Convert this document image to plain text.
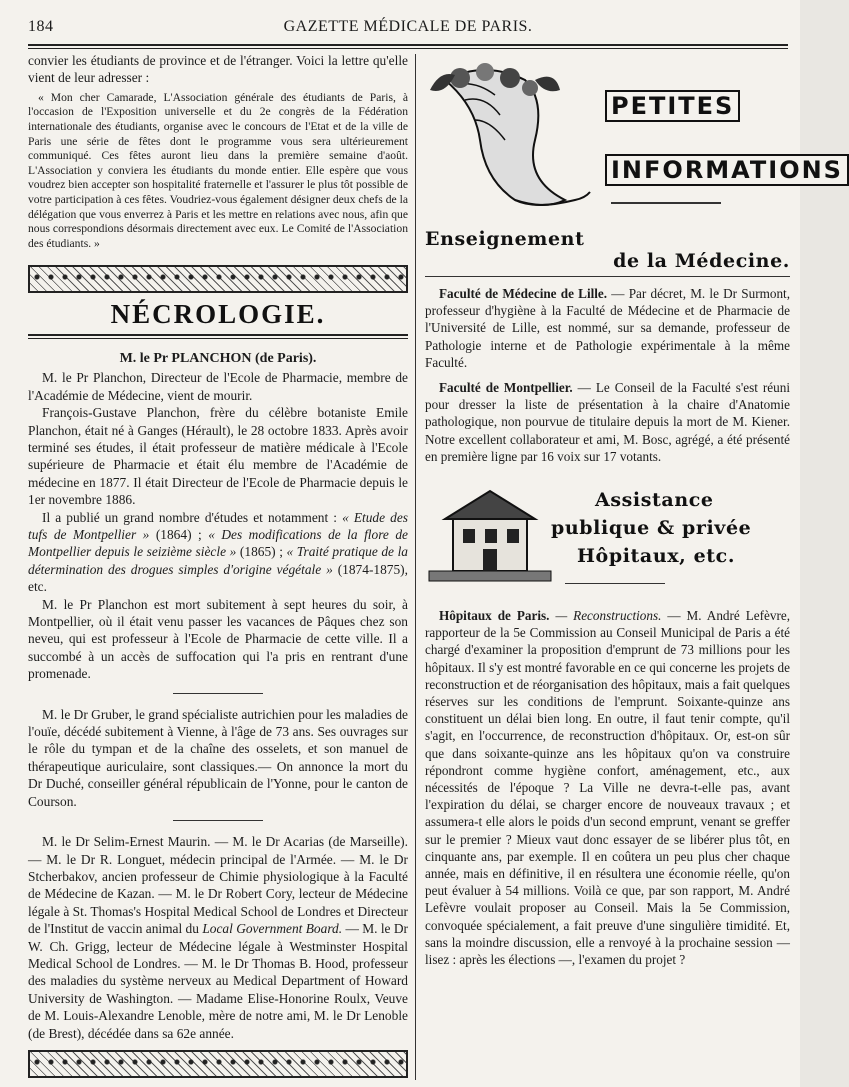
184	GAZETTE MÉDICALE DE PARIS.

convier les étudiants de province et de l'étranger. Voici la lettre qu'elle vient de leur adresser :

« Mon cher Camarade, L'Association générale des étudiants de Paris, à l'occasion de l'Exposition universelle et du 2e congrès de la Fédération internationale des étudiants, organise avec le concours de l'Etat et de la ville de Paris une série de fêtes dont le programme vous sera ultérieurement communiqué. Ces fêtes auront lieu dans la première semaine d'août. L'Association y conviera les étudiants du monde entier. Elle espère que vous voudrez bien accepter son hospitalité fraternelle et l'assurer le plus tôt possible de votre participation à ces fêtes. Voudriez-vous également désigner deux chefs de la délégation que vous enverrez à Paris et les mettre en relations avec nous, afin que nous correspondions désormais directement avec eux. Le Comité de l'Association des étudiants. »

NÉCROLOGIE.
M. le Pr PLANCHON (de Paris).

M. le Pr Planchon, Directeur de l'Ecole de Pharmacie, membre de l'Académie de Médecine, vient de mourir.

François-Gustave Planchon, frère du célèbre botaniste Emile Planchon, était né à Ganges (Hérault), le 28 octobre 1833. Après avoir terminé ses études, il était professeur de matière médicale à l'Ecole supérieure de Pharmacie et était élu membre de l'Académie de médecine en 1877. Il était Directeur de l'Ecole de Pharmacie depuis le 1er novembre 1886.

Il a publié un grand nombre d'études et notamment : « Etude des tufs de Montpellier » (1864) ; « Des modifications de la flore de Montpellier depuis le seizième siècle » (1865) ; « Traité pratique de la détermination des drogues simples d'origine végétale » (1874-1875), etc.

M. le Pr Planchon est mort subitement à sept heures du soir, à Montpellier, où il était venu passer les vacances de Pâques chez son neveu, qui est professeur à l'Ecole de Pharmacie de cette ville. Il a succombé à un accès de suffocation qui l'a pris en rentrant d'une promenade.

M. le Dr Gruber, le grand spécialiste autrichien pour les maladies de l'ouïe, décédé subitement à Vienne, à l'âge de 73 ans. Ses ouvrages sur le rôle du tympan et de la chaîne des osselets, et son manuel de thérapeutique auriculaire, sont classiques.— On annonce la mort du Dr Duché, conseiller général républicain de l'Yonne, pour le canton de Courson.

M. le Dr Selim-Ernest Maurin. — M. le Dr Acarias (de Marseille). — M. le Dr R. Longuet, médecin principal de l'Armée. — M. le Dr Stcherbakov, ancien professeur de Chimie physiologique à la Faculté de Médecine de Kazan. — M. le Dr Robert Cory, lecteur de Médecine légale à St. Thomas's Hospital Medical School de Londres et Directeur de l'Institut de vaccin animal du Local Government Board. — M. le Dr W. Ch. Grigg, lecteur de Médecine légale à Westminster Hospital Medical School de Londres. — M. le Dr Thomas B. Hood, professeur des maladies du système nerveux au Medical Department of Howard University de Washington. — Madame Elise-Honorine Roulx, Veuve de M. Louis-Alexandre Lenoble, mère de notre ami, M. le Dr Lenoble (de Brest), décédée dans sa 62e année.

PETITES
INFORMATIONS
Enseignement
de la Médecine.

Faculté de Médecine de Lille. — Par décret, M. le Dr Surmont, professeur d'hygiène à la Faculté de Médecine et de Pharmacie de l'Université de Lille, est nommé, sur sa demande, professeur de Pathologie interne et de Pathologie expérimentale à la même Faculté.

Faculté de Montpellier. — Le Conseil de la Faculté s'est réuni pour dresser la liste de présentation à la chaire d'Anatomie pathologique, non pourvue de titulaire depuis la mort de M. Kiener. Notre excellent collaborateur et ami, M. Bosc, agrégé, a été présenté en première ligne par 16 voix sur 17 votants.

Assistance
publique & privée
Hôpitaux, etc.

Hôpitaux de Paris. — Reconstructions. — M. André Lefèvre, rapporteur de la 5e Commission au Conseil Municipal de Paris a été chargé d'examiner la proposition d'emprunt de 73 millions pour les hôpitaux. Il s'y est montré favorable en ce qui concerne les projets de reconstruction et de réorganisation des hôpitaux, mais a fait quelques réserves sur les conditions de l'emprunt. Soixante-quinze ans constituent un délai bien long. En outre, il faut tenir compte, qu'il s'agit, en l'occurrence, de reconstruction d'hôpitaux. Or, est-on sûr que dans soixante-quinze ans les hôpitaux qu'on va construire répondront comme hygiène confort, aménagement, etc., aux nécessités de l'époque ? La Ville ne devra-t-elle pas, avant l'expiration du délai, se charger encore de nouveaux travaux ; et assumera-t elle alors le poids d'un second emprunt, venant se greffer sur le premier ? Mieux vaut donc essayer de se libérer plus tôt, en cinquante ans, par exemple. Il en coûtera un peu plus cher chaque année, mais en définitive, il en résultera une économie réelle, qu'on peut évaluer à 54 millions. Voilà ce que, par son rapport, M. André Lefèvre voulait proposer au Conseil. Mais la 5e Commission, convoquée spécialement, a fait preuve d'une singulière timidité. Et, sans la moindre discussion, elle a renvoyé à la prochaine session — lisez : après les élections —, l'examen du projet ?
